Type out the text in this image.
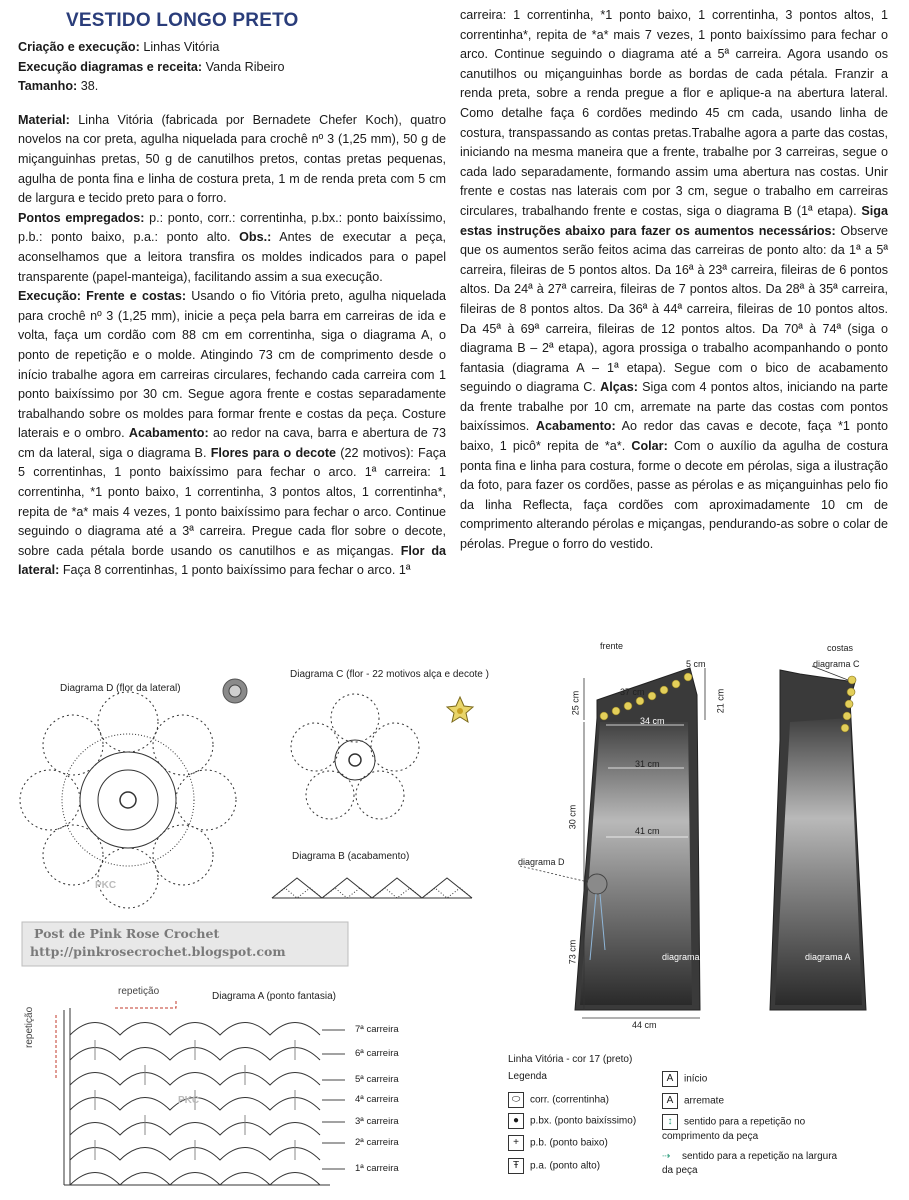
VESTIDO LONGO PRETO

Criação e execução: Linhas Vitória

Execução diagramas e receita: Vanda Ribeiro

Tamanho: 38.

Material: Linha Vitória (fabricada por Bernadete Chefer Koch), quatro novelos na cor preta, agulha niquelada para crochê nº 3 (1,25 mm), 50 g de miçanguinhas pretas, 50 g de canutilhos pretos, contas pretas pequenas, agulha de ponta fina e linha de costura preta, 1 m de renda preta com 5 cm de largura e tecido preto para o forro.

Pontos empregados: p.: ponto, corr.: correntinha, p.bx.: ponto baixíssimo, p.b.: ponto baixo, p.a.: ponto alto. Obs.: Antes de executar a peça, aconselhamos que a leitora transfira os moldes indicados para o papel transparente (papel-manteiga), facilitando assim a sua execução.

Execução: Frente e costas: Usando o fio Vitória preto, agulha niquelada para crochê nº 3 (1,25 mm), inicie a peça pela barra em carreiras de ida e volta, faça um cordão com 88 cm em correntinha, siga o diagrama A, o ponto de repetição e o molde. Atingindo 73 cm de comprimento desde o início trabalhe agora em carreiras circulares, fechando cada carreira com 1 ponto baixíssimo por 30 cm. Segue agora frente e costas separadamente trabalhando sobre os moldes para formar frente e costas da peça. Costure laterais e o ombro. Acabamento: ao redor na cava, barra e abertura de 73 cm da lateral, siga o diagrama B. Flores para o decote (22 motivos): Faça 5 correntinhas, 1 ponto baixíssimo para fechar o arco. 1ª carreira: 1 correntinha, *1 ponto baixo, 1 correntinha, 3 pontos altos, 1 correntinha*, repita de *a* mais 4 vezes, 1 ponto baixíssimo para fechar o arco. Continue seguindo o diagrama até a 3ª carreira. Pregue cada flor sobre o decote, sobre cada pétala borde usando os canutilhos e as miçangas. Flor da lateral: Faça 8 correntinhas, 1 ponto baixíssimo para fechar o arco. 1ª

carreira: 1 correntinha, *1 ponto baixo, 1 correntinha, 3 pontos altos, 1 correntinha*, repita de *a* mais 7 vezes, 1 ponto baixíssimo para fechar o arco. Continue seguindo o diagrama até a 5ª carreira. Agora usando os canutilhos ou miçanguinhas borde as bordas de cada pétala. Franzir a renda preta, sobre a renda pregue a flor e aplique-a na abertura lateral. Como detalhe faça 6 cordões medindo 45 cm cada, usando linha de costura, transpassando as contas pretas.Trabalhe agora a parte das costas, iniciando na mesma maneira que a frente, trabalhe por 3 carreiras, segue o cada lado separadamente, formando assim uma abertura nas costas. Unir frente e costas nas laterais com por 3 cm, segue o trabalho em carreiras circulares, trabalhando frente e costas, siga o diagrama B (1ª etapa). Siga estas instruções abaixo para fazer os aumentos necessários: Observe que os aumentos serão feitos acima das carreiras de ponto alto: da 1ª a 5ª carreira, fileiras de 5 pontos altos. Da 16ª à 23ª carreira, fileiras de 6 pontos altos. Da 24ª à 27ª carreira, fileiras de 7 pontos altos. Da 28ª à 35ª carreira, fileiras de 8 pontos altos. Da 36ª à 44ª carreira, fileiras de 10 pontos altos. Da 45ª à 69ª carreira, fileiras de 12 pontos altos. Da 70ª à 74ª (siga o diagrama B – 2ª etapa), agora prossiga o trabalho acompanhando o ponto fantasia (diagrama A – 1ª etapa). Segue com o bico de acabamento seguindo o diagrama C. Alças: Siga com 4 pontos altos, iniciando na parte da frente trabalhe por 10 cm, arremate na parte das costas com pontos baixíssimos. Acabamento: Ao redor das cavas e decote, faça *1 ponto baixo, 1 picô* repita de *a*. Colar: Com o auxílio da agulha de costura ponta fina e linha para costura, forme o decote em pérolas, siga a ilustração da foto, para fazer os cordões, passe as pérolas e as miçanguinhas pelo fio da linha Reflecta, faça cordões com aproximadamente 10 cm de comprimento alterando pérolas e miçangas, pendurando-as sobre o colar de pérolas. Pregue o forro do vestido.

Diagrama D (flor da lateral)
Diagrama C (flor - 22 motivos alça e decote )
Diagrama B (acabamento)
Diagrama A (ponto fantasia)
repetição
repetição
PKC
PKC
7ª carreira
6ª carreira
5ª carreira
4ª carreira
3ª carreira
2ª carreira
1ª carreira
Post de Pink Rose Crochet
http://pinkrosecrochet.blogspot.com
frente	costas
diagrama C
diagrama D
diagrama A	diagrama A
5 cm
37 cm
25 cm	21 cm
34 cm
31 cm
30 cm
41 cm
73 cm
44 cm
Linha Vitória - cor 17 (preto)
Legenda
⬭ corr. (correntinha)
● p.bx. (ponto baixíssimo)
+ p.b. (ponto baixo)
Ŧ p.a. (ponto alto)
A início
A arremate
↕ sentido para a repetição no comprimento da peça
⇢ sentido para a repetição na largura da peça
